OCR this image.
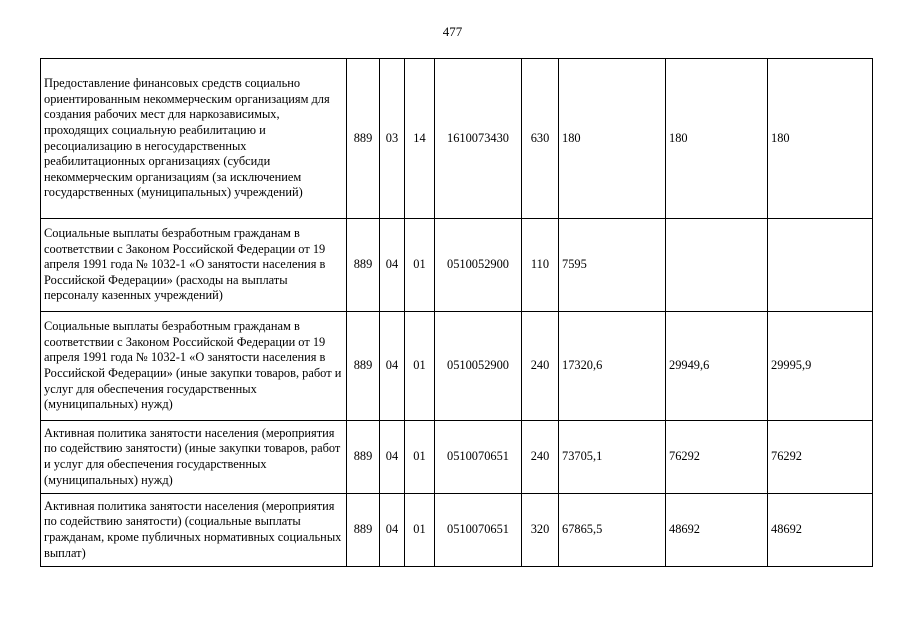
477
Предоставление финансовых средств социально ориентированным некоммерческим организациям для создания рабочих мест для наркозависимых, проходящих социальную реабилитацию и ресоциализацию в негосударственных реабилитационных организациях (субсиди некоммерческим организациям (за исключением государственных (муниципальных) учреждений)	889	03	14	1610073430	630	180	180	180
Социальные выплаты безработным гражданам в соответствии с Законом Российской Федерации от 19 апреля 1991 года № 1032-1 «О занятости населения в Российской Федерации» (расходы на выплаты персоналу казенных учреждений)	889	04	01	0510052900	110	7595		
Социальные выплаты безработным гражданам в соответствии с Законом Российской Федерации от 19 апреля 1991 года № 1032-1 «О занятости населения в Российской Федерации» (иные закупки товаров, работ и услуг для обеспечения государственных (муниципальных) нужд)	889	04	01	0510052900	240	17320,6	29949,6	29995,9
Активная политика занятости населения (мероприятия по содействию занятости) (иные закупки товаров, работ и услуг для обеспечения государственных (муниципальных) нужд)	889	04	01	0510070651	240	73705,1	76292	76292
Активная политика занятости населения (мероприятия по содействию занятости) (социальные выплаты гражданам, кроме публичных нормативных социальных выплат)	889	04	01	0510070651	320	67865,5	48692	48692
